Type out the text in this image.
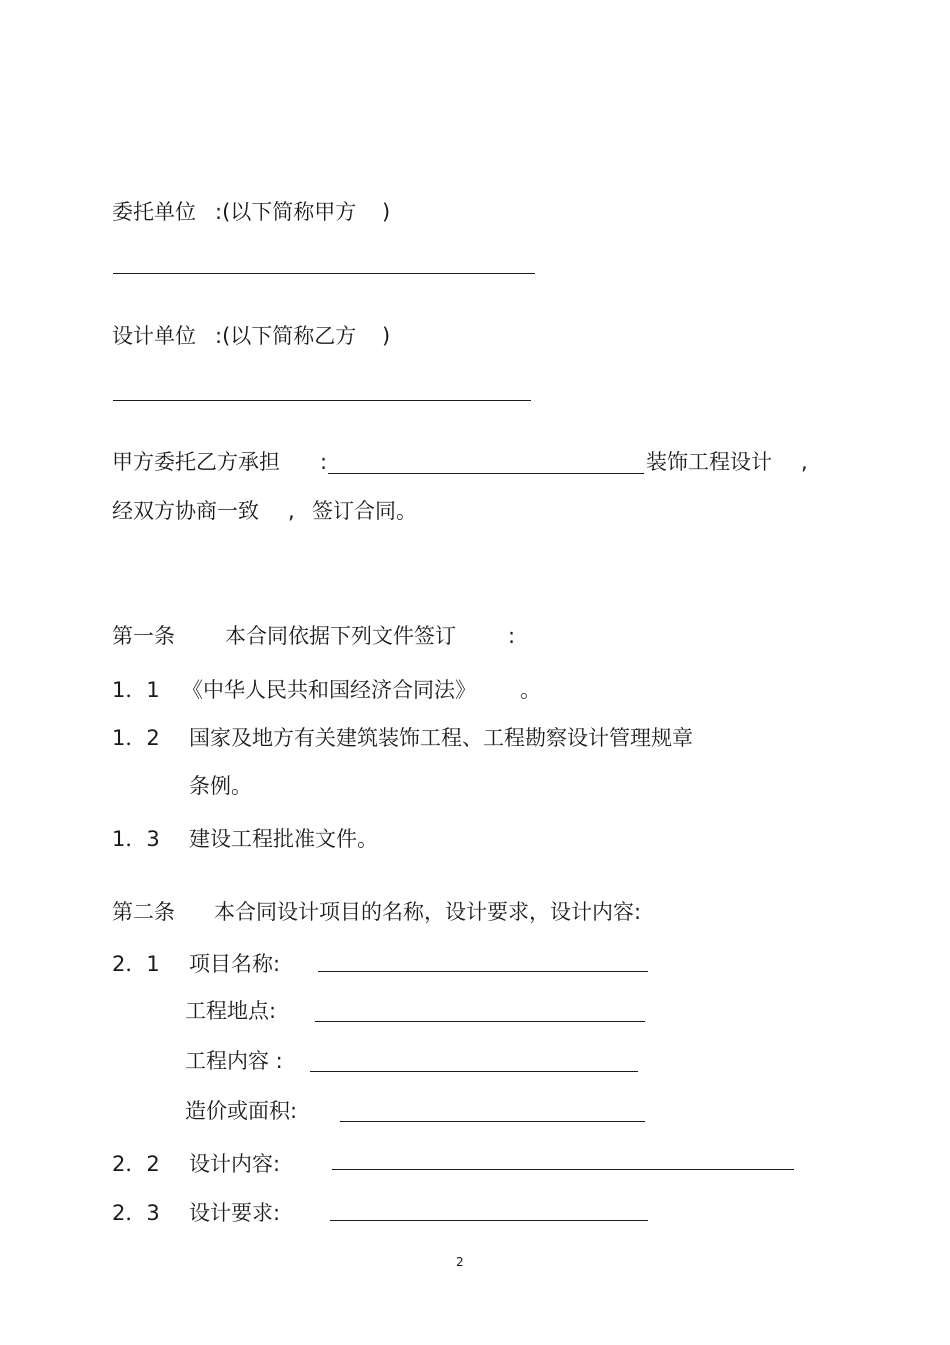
委托单位 :(以下简称甲方 )
设计单位 :(以下简称乙方 )
甲方委托乙方承担 :	装饰工程设计 ,
经双方协商一致 , 签订合同。
第一条 本合同依据下列文件签订 :
1．1 《中华人民共和国经济合同法》 。
1．2 国家及地方有关建筑装饰工程、工程勘察设计管理规章
条例。
1．3 建设工程批准文件。
第二条 本合同设计项目的名称，设计要求，设计内容:
2．1 项目名称:
工程地点:
工程内容 :
造价或面积:
2．2 设计内容:
2．3 设计要求:
2
